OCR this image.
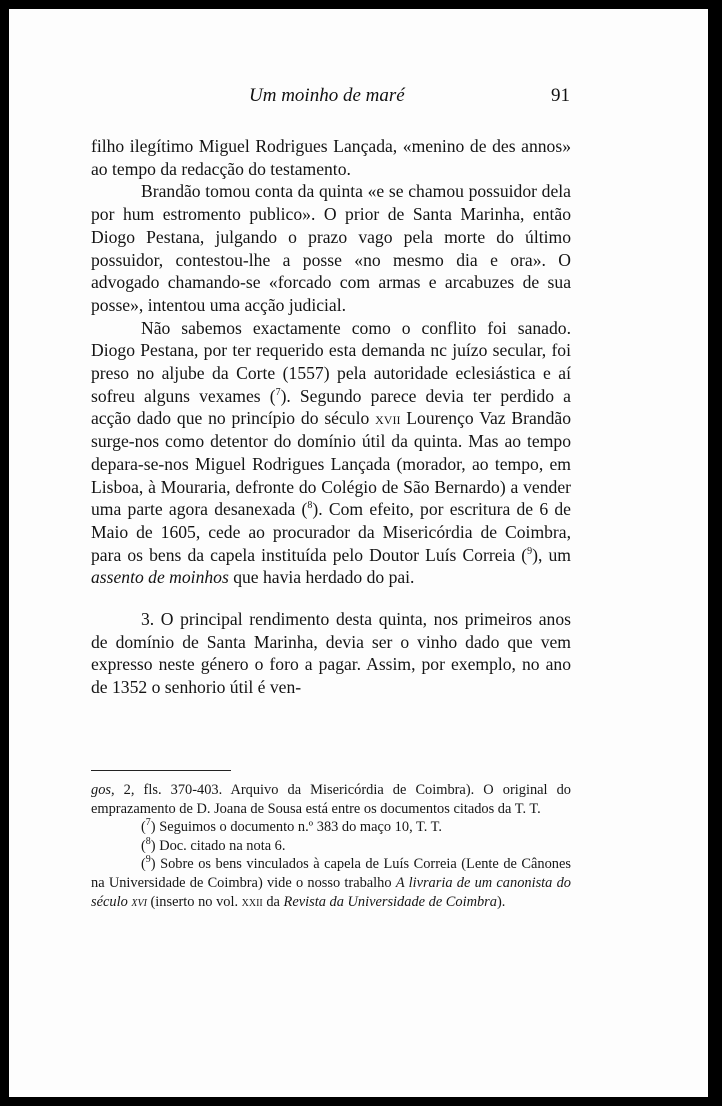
Um moinho de maré	91

filho ilegítimo Miguel Rodrigues Lançada, «menino de des annos» ao tempo da redacção do testamento.

Brandão tomou conta da quinta «e se chamou possuidor dela por hum estromento publico». O prior de Santa Marinha, então Diogo Pestana, julgando o prazo vago pela morte do último possuidor, contestou-lhe a posse «no mesmo dia e ora». O advogado chamando-se «forcado com armas e arcabuzes de sua posse», intentou uma acção judicial.

Não sabemos exactamente como o conflito foi sanado. Diogo Pestana, por ter requerido esta demanda nc juízo secular, foi preso no aljube da Corte (1557) pela autoridade eclesiástica e aí sofreu alguns vexames ($^7$). Segundo parece devia ter perdido a acção dado que no princípio do século xvii Lourenço Vaz Brandão surge-nos como detentor do domínio útil da quinta. Mas ao tempo depara-se-nos Miguel Rodrigues Lançada (morador, ao tempo, em Lisboa, à Mouraria, defronte do Colégio de São Bernardo) a vender uma parte agora desanexada ($^8$). Com efeito, por escritura de 6 de Maio de 1605, cede ao procurador da Misericórdia de Coimbra, para os bens da capela instituída pelo Doutor Luís Correia ($^9$), um assento de moinhos que havia herdado do pai.

3. O principal rendimento desta quinta, nos primeiros anos de domínio de Santa Marinha, devia ser o vinho dado que vem expresso neste género o foro a pagar. Assim, por exemplo, no ano de 1352 o senhorio útil é ven-

gos, 2, fls. 370-403. Arquivo da Misericórdia de Coimbra). O original do emprazamento de D. Joana de Sousa está entre os documentos citados da T. T.

($^7$) Seguimos o documento n.º 383 do maço 10, T. T.

($^8$) Doc. citado na nota 6.

($^9$) Sobre os bens vinculados à capela de Luís Correia (Lente de Cânones na Universidade de Coimbra) vide o nosso trabalho A livraria de um canonista do século xvi (inserto no vol. xxii da Revista da Universidade de Coimbra).
